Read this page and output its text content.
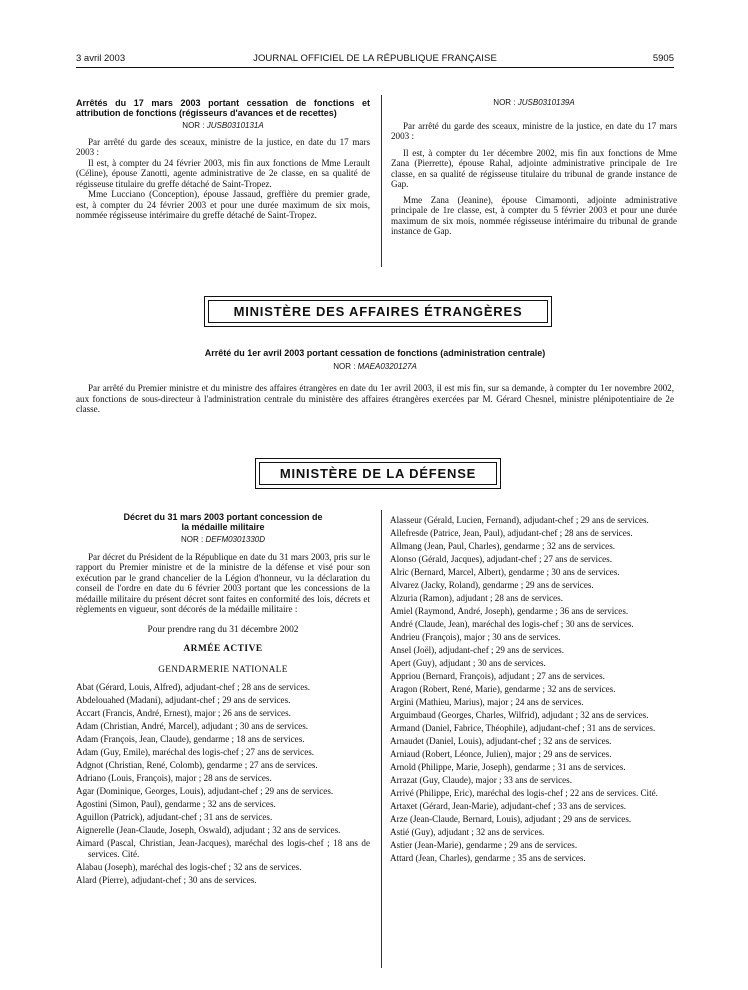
3 avril 2003	JOURNAL OFFICIEL DE LA RÉPUBLIQUE FRANÇAISE	5905
Arrêtés du 17 mars 2003 portant cessation de fonctions et attribution de fonctions (régisseurs d'avances et de recettes)
NOR : JUSB0310131A

Par arrêté du garde des sceaux, ministre de la justice, en date du 17 mars 2003 :

Il est, à compter du 24 février 2003, mis fin aux fonctions de Mme Lerault (Céline), épouse Zanotti, agente administrative de 2e classe, en sa qualité de régisseuse titulaire du greffe détaché de Saint-Tropez.

Mme Lucciano (Conception), épouse Jassaud, greffière du premier grade, est, à compter du 24 février 2003 et pour une durée maximum de six mois, nommée régisseuse intérimaire du greffe détaché de Saint-Tropez.

NOR : JUSB0310139A

Par arrêté du garde des sceaux, ministre de la justice, en date du 17 mars 2003 :

Il est, à compter du 1er décembre 2002, mis fin aux fonctions de Mme Zana (Pierrette), épouse Rahal, adjointe administrative principale de 1re classe, en sa qualité de régisseuse titulaire du tribunal de grande instance de Gap.

Mme Zana (Jeanine), épouse Cimamonti, adjointe administrative principale de 1re classe, est, à compter du 5 février 2003 et pour une durée maximum de six mois, nommée régisseuse intérimaire du tribunal de grande instance de Gap.

MINISTÈRE DES AFFAIRES ÉTRANGÈRES
Arrêté du 1er avril 2003 portant cessation de fonctions (administration centrale)
NOR : MAEA0320127A
Par arrêté du Premier ministre et du ministre des affaires étrangères en date du 1er avril 2003, il est mis fin, sur sa demande, à compter du 1er novembre 2002, aux fonctions de sous-directeur à l'administration centrale du ministère des affaires étrangères exercées par M. Gérard Chesnel, ministre plénipotentiaire de 2e classe.
MINISTÈRE DE LA DÉFENSE
Décret du 31 mars 2003 portant concession de la médaille militaire
NOR : DEFM0301330D

Par décret du Président de la République en date du 31 mars 2003, pris sur le rapport du Premier ministre et de la ministre de la défense et visé pour son exécution par le grand chancelier de la Légion d'honneur, vu la déclaration du conseil de l'ordre en date du 6 février 2003 portant que les concessions de la médaille militaire du présent décret sont faites en conformité des lois, décrets et règlements en vigueur, sont décorés de la médaille militaire :

Pour prendre rang du 31 décembre 2002
ARMÉE ACTIVE
GENDARMERIE NATIONALE
Abat (Gérard, Louis, Alfred), adjudant-chef ; 28 ans de services.
Abdelouahed (Madani), adjudant-chef ; 29 ans de services.
Accart (Francis, André, Ernest), major ; 26 ans de services.
Adam (Christian, André, Marcel), adjudant ; 30 ans de services.
Adam (François, Jean, Claude), gendarme ; 18 ans de services.
Adam (Guy, Emile), maréchal des logis-chef ; 27 ans de services.
Adgnot (Christian, René, Colomb), gendarme ; 27 ans de services.
Adriano (Louis, François), major ; 28 ans de services.
Agar (Dominique, Georges, Louis), adjudant-chef ; 29 ans de services.
Agostini (Simon, Paul), gendarme ; 32 ans de services.
Aguillon (Patrick), adjudant-chef ; 31 ans de services.
Aignerelle (Jean-Claude, Joseph, Oswald), adjudant ; 32 ans de services.
Aimard (Pascal, Christian, Jean-Jacques), maréchal des logis-chef ; 18 ans de services. Cité.
Alabau (Joseph), maréchal des logis-chef ; 32 ans de services.
Alard (Pierre), adjudant-chef ; 30 ans de services.
Alasseur (Gérald, Lucien, Fernand), adjudant-chef ; 29 ans de services.
Allefresde (Patrice, Jean, Paul), adjudant-chef ; 28 ans de services.
Allmang (Jean, Paul, Charles), gendarme ; 32 ans de services.
Alonso (Gérald, Jacques), adjudant-chef ; 27 ans de services.
Alric (Bernard, Marcel, Albert), gendarme ; 30 ans de services.
Alvarez (Jacky, Roland), gendarme ; 29 ans de services.
Alzuria (Ramon), adjudant ; 28 ans de services.
Amiel (Raymond, André, Joseph), gendarme ; 36 ans de services.
André (Claude, Jean), maréchal des logis-chef ; 30 ans de services.
Andrieu (François), major ; 30 ans de services.
Ansel (Joël), adjudant-chef ; 29 ans de services.
Apert (Guy), adjudant ; 30 ans de services.
Appriou (Bernard, François), adjudant ; 27 ans de services.
Aragon (Robert, René, Marie), gendarme ; 32 ans de services.
Argini (Mathieu, Marius), major ; 24 ans de services.
Arguimbaud (Georges, Charles, Wilfrid), adjudant ; 32 ans de services.
Armand (Daniel, Fabrice, Théophile), adjudant-chef ; 31 ans de services.
Arnaudet (Daniel, Louis), adjudant-chef ; 32 ans de services.
Arniaud (Robert, Léonce, Julien), major ; 29 ans de services.
Arnold (Philippe, Marie, Joseph), gendarme ; 31 ans de services.
Arrazat (Guy, Claude), major ; 33 ans de services.
Arrivé (Philippe, Eric), maréchal des logis-chef ; 22 ans de services. Cité.
Artaxet (Gérard, Jean-Marie), adjudant-chef ; 33 ans de services.
Arze (Jean-Claude, Bernard, Louis), adjudant ; 29 ans de services.
Astié (Guy), adjudant ; 32 ans de services.
Astier (Jean-Marie), gendarme ; 29 ans de services.
Attard (Jean, Charles), gendarme ; 35 ans de services.
